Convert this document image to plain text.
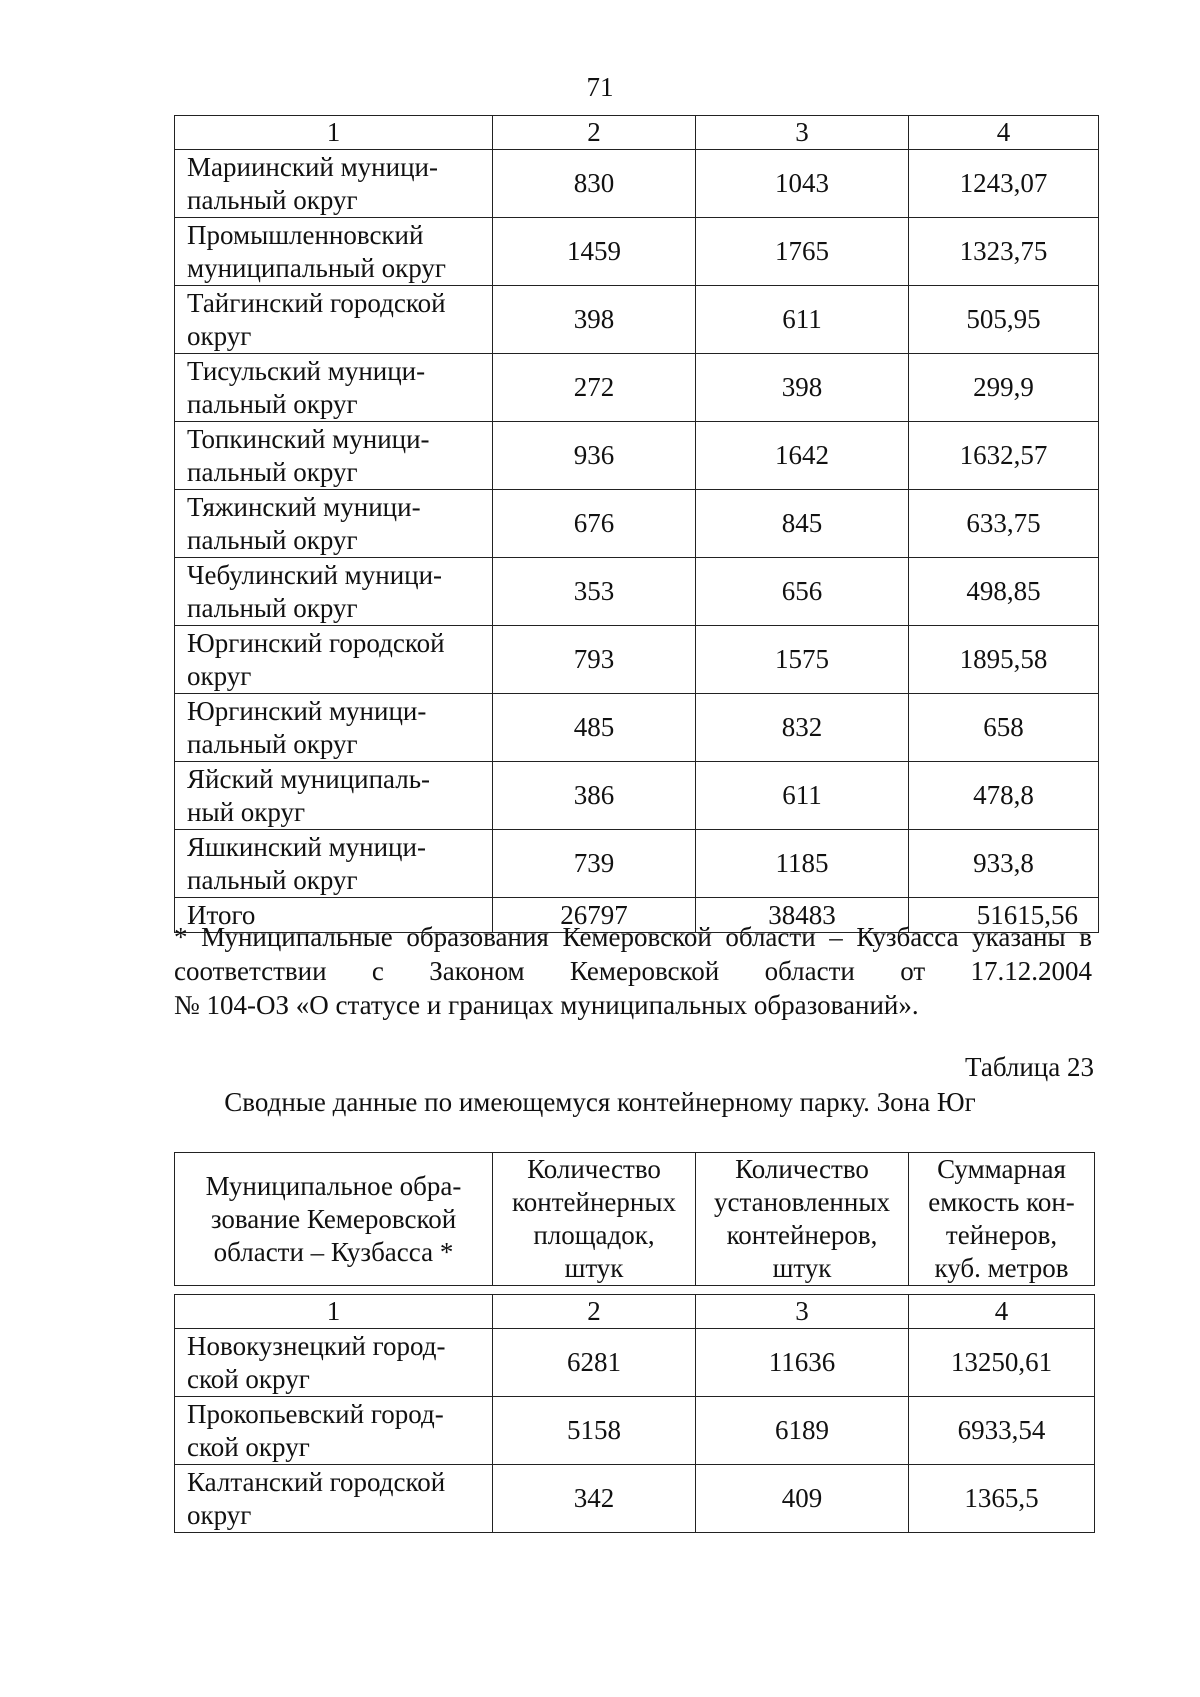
71
1	2	3	4
Мариинский муници-
пальный округ	830	1043	1243,07
Промышленновский
муниципальный округ	1459	1765	1323,75
Тайгинский городской
округ	398	611	505,95
Тисульский муници-
пальный округ	272	398	299,9
Топкинский муници-
пальный округ	936	1642	1632,57
Тяжинский муници-
пальный округ	676	845	633,75
Чебулинский муници-
пальный округ	353	656	498,85
Юргинский городской
округ	793	1575	1895,58
Юргинский муници-
пальный округ	485	832	658
Яйский муниципаль-
ный округ	386	611	478,8
Яшкинский муници-
пальный округ	739	1185	933,8
Итого	26797	38483	51615,56

* Муниципальные образования Кемеровской области – Кузбасса указаны в

соответствии с Законом Кемеровской области от 17.12.2004

№ 104-ОЗ «О статусе и границах муниципальных образований».

Таблица 23
Сводные данные по имеющемуся контейнерному парку. Зона Юг
Муниципальное обра-
зование Кемеровской
области – Кузбасса *	Количество
контейнерных
площадок,
штук	Количество
установленных
контейнеров,
штук	Суммарная
емкость кон-
тейнеров,
куб. метров

1	2	3	4
Новокузнецкий город-
ской округ	6281	11636	13250,61
Прокопьевский город-
ской округ	5158	6189	6933,54
Калтанский городской
округ	342	409	1365,5
